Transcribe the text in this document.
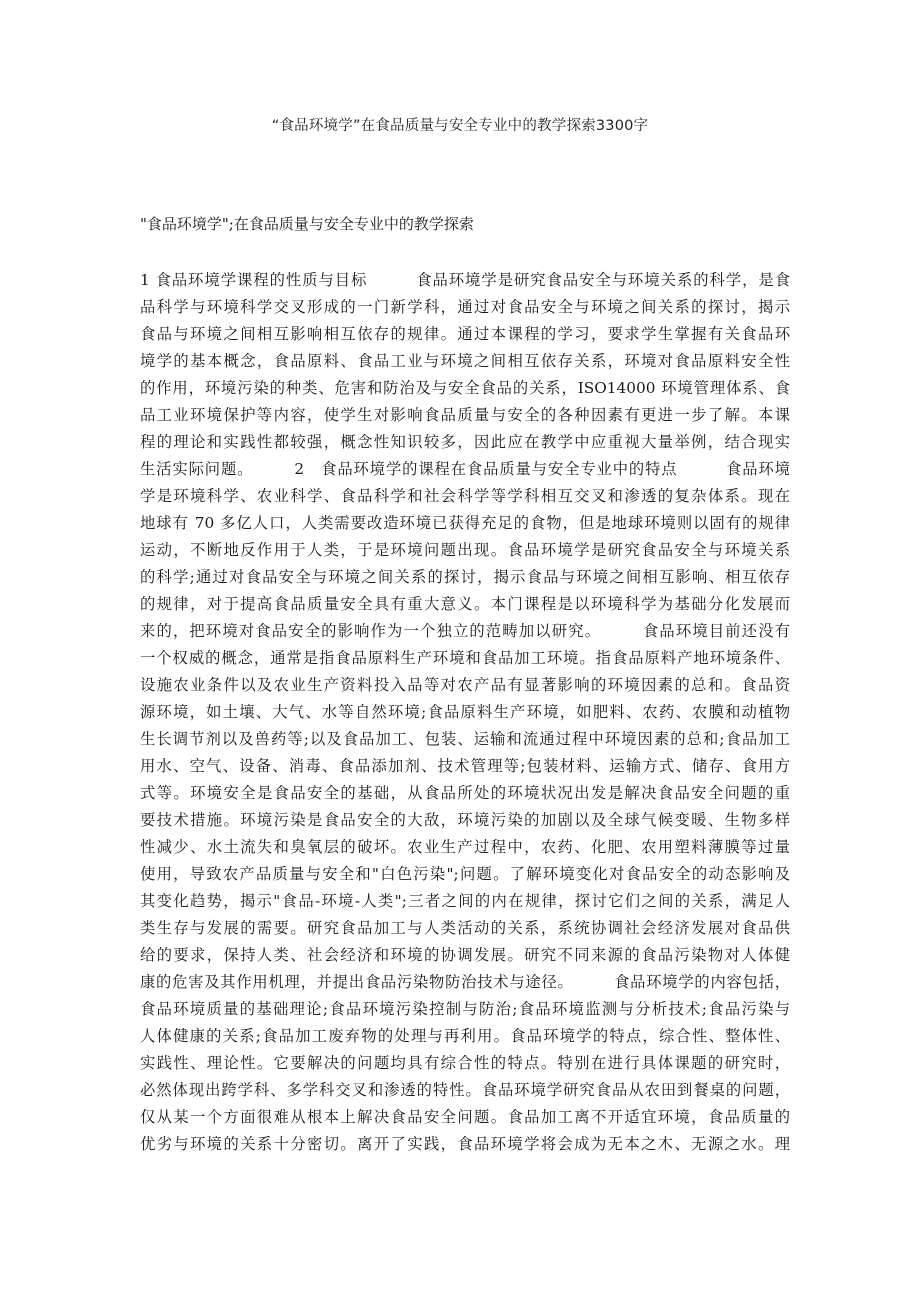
“食品环境学”在食品质量与安全专业中的教学探索3300字
"食品环境学";在食品质量与安全专业中的教学探索
1 食品环境学课程的性质与目标　　　食品环境学是研究食品安全与环境关系的科学，是食
品科学与环境科学交叉形成的一门新学科，通过对食品安全与环境之间关系的探讨，揭示
食品与环境之间相互影响相互依存的规律。通过本课程的学习，要求学生掌握有关食品环
境学的基本概念，食品原料、食品工业与环境之间相互依存关系，环境对食品原料安全性
的作用，环境污染的种类、危害和防治及与安全食品的关系，ISO14000 环境管理体系、食
品工业环境保护等内容，使学生对影响食品质量与安全的各种因素有更进一步了解。本课
程的理论和实践性都较强，概念性知识较多，因此应在教学中应重视大量举例，结合现实
生活实际问题。　　　2　食品环境学的课程在食品质量与安全专业中的特点　　　食品环境
学是环境科学、农业科学、食品科学和社会科学等学科相互交叉和渗透的复杂体系。现在
地球有 70 多亿人口，人类需要改造环境已获得充足的食物，但是地球环境则以固有的规律
运动，不断地反作用于人类，于是环境问题出现。食品环境学是研究食品安全与环境关系
的科学;通过对食品安全与环境之间关系的探讨，揭示食品与环境之间相互影响、相互依存
的规律，对于提高食品质量安全具有重大意义。本门课程是以环境科学为基础分化发展而
来的，把环境对食品安全的影响作为一个独立的范畴加以研究。　　　食品环境目前还没有
一个权威的概念，通常是指食品原料生产环境和食品加工环境。指食品原料产地环境条件、
设施农业条件以及农业生产资料投入品等对农产品有显著影响的环境因素的总和。食品资
源环境，如土壤、大气、水等自然环境;食品原料生产环境，如肥料、农药、农膜和动植物
生长调节剂以及兽药等;以及食品加工、包装、运输和流通过程中环境因素的总和;食品加工
用水、空气、设备、消毒、食品添加剂、技术管理等;包装材料、运输方式、储存、食用方
式等。环境安全是食品安全的基础，从食品所处的环境状况出发是解决食品安全问题的重
要技术措施。环境污染是食品安全的大敌，环境污染的加剧以及全球气候变暖、生物多样
性减少、水土流失和臭氧层的破坏。农业生产过程中，农药、化肥、农用塑料薄膜等过量
使用，导致农产品质量与安全和"白色污染";问题。了解环境变化对食品安全的动态影响及
其变化趋势，揭示"食品-环境-人类";三者之间的内在规律，探讨它们之间的关系，满足人
类生存与发展的需要。研究食品加工与人类活动的关系，系统协调社会经济发展对食品供
给的要求，保持人类、社会经济和环境的协调发展。研究不同来源的食品污染物对人体健
康的危害及其作用机理，并提出食品污染物防治技术与途径。　　　食品环境学的内容包括，
食品环境质量的基础理论;食品环境污染控制与防治;食品环境监测与分析技术;食品污染与
人体健康的关系;食品加工废弃物的处理与再利用。食品环境学的特点，综合性、整体性、
实践性、理论性。它要解决的问题均具有综合性的特点。特别在进行具体课题的研究时，
必然体现出跨学科、多学科交叉和渗透的特性。食品环境学研究食品从农田到餐桌的问题，
仅从某一个方面很难从根本上解决食品安全问题。食品加工离不开适宜环境，食品质量的
优劣与环境的关系十分密切。离开了实践，食品环境学将会成为无本之木、无源之水。理
